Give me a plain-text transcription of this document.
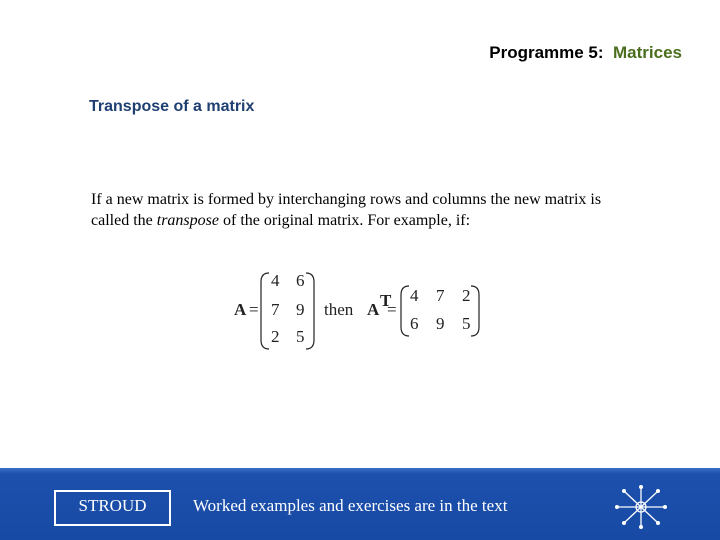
Programme 5: Matrices
Transpose of a matrix
If a new matrix is formed by interchanging rows and columns the new matrix is called the transpose of the original matrix. For example, if:
A =
4 6
7 9
2 5
then A T
=
4 7 2
6 9 5
STROUD	Worked examples and exercises are in the text
